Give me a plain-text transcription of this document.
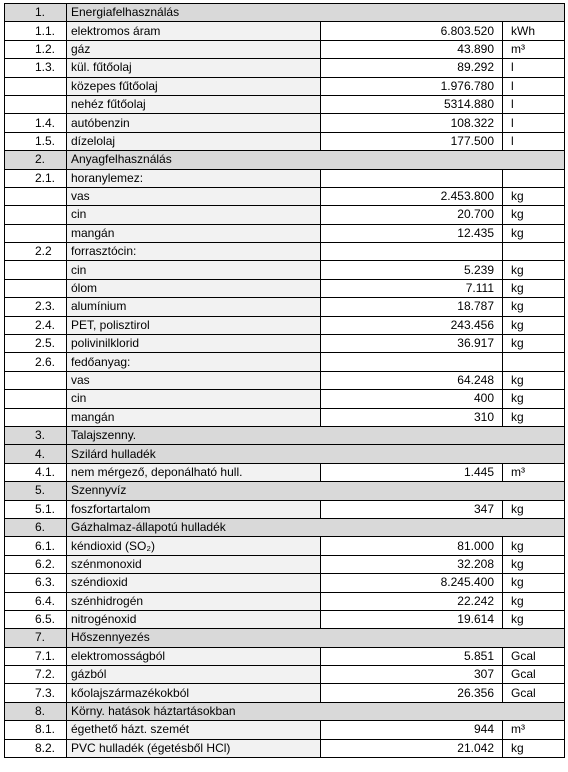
1.	Energiafelhasználás		
1.1.	elektromos áram	6.803.520	kWh
1.2.	gáz	43.890	m³
1.3.	kül. fűtőolaj	89.292	l
	közepes fűtőolaj	1.976.780	l
	nehéz fűtőolaj	5314.880	l
1.4.	autóbenzin	108.322	l
1.5.	dízelolaj	177.500	l
2.	Anyagfelhasználás		
2.1.	horanylemez:		
	vas	2.453.800	kg
	cin	20.700	kg
	mangán	12.435	kg
2.2	forrasztócin:		
	cin	5.239	kg
	ólom	7.111	kg
2.3.	alumínium	18.787	kg
2.4.	PET, polisztirol	243.456	kg
2.5.	polivinilklorid	36.917	kg
2.6.	fedőanyag:		
	vas	64.248	kg
	cin	400	kg
	mangán	310	kg
3.	Talajszenny.		
4.	Szilárd hulladék		
4.1.	nem mérgező, deponálható hull.	1.445	m³
5.	Szennyvíz		
5.1.	foszfortartalom	347	kg
6.	Gázhalmaz-állapotú hulladék		
6.1.	kéndioxid (SO₂)	81.000	kg
6.2.	szénmonoxid	32.208	kg
6.3.	széndioxid	8.245.400	kg
6.4.	szénhidrogén	22.242	kg
6.5.	nitrogénoxid	19.614	kg
7.	Hőszennyezés		
7.1.	elektromosságból	5.851	Gcal
7.2.	gázból	307	Gcal
7.3.	kőolajszármazékokból	26.356	Gcal
8.	Körny. hatások háztartásokban		
8.1.	égethető házt. szemét	944	m³
8.2.	PVC hulladék (égetésből HCl)	21.042	kg
